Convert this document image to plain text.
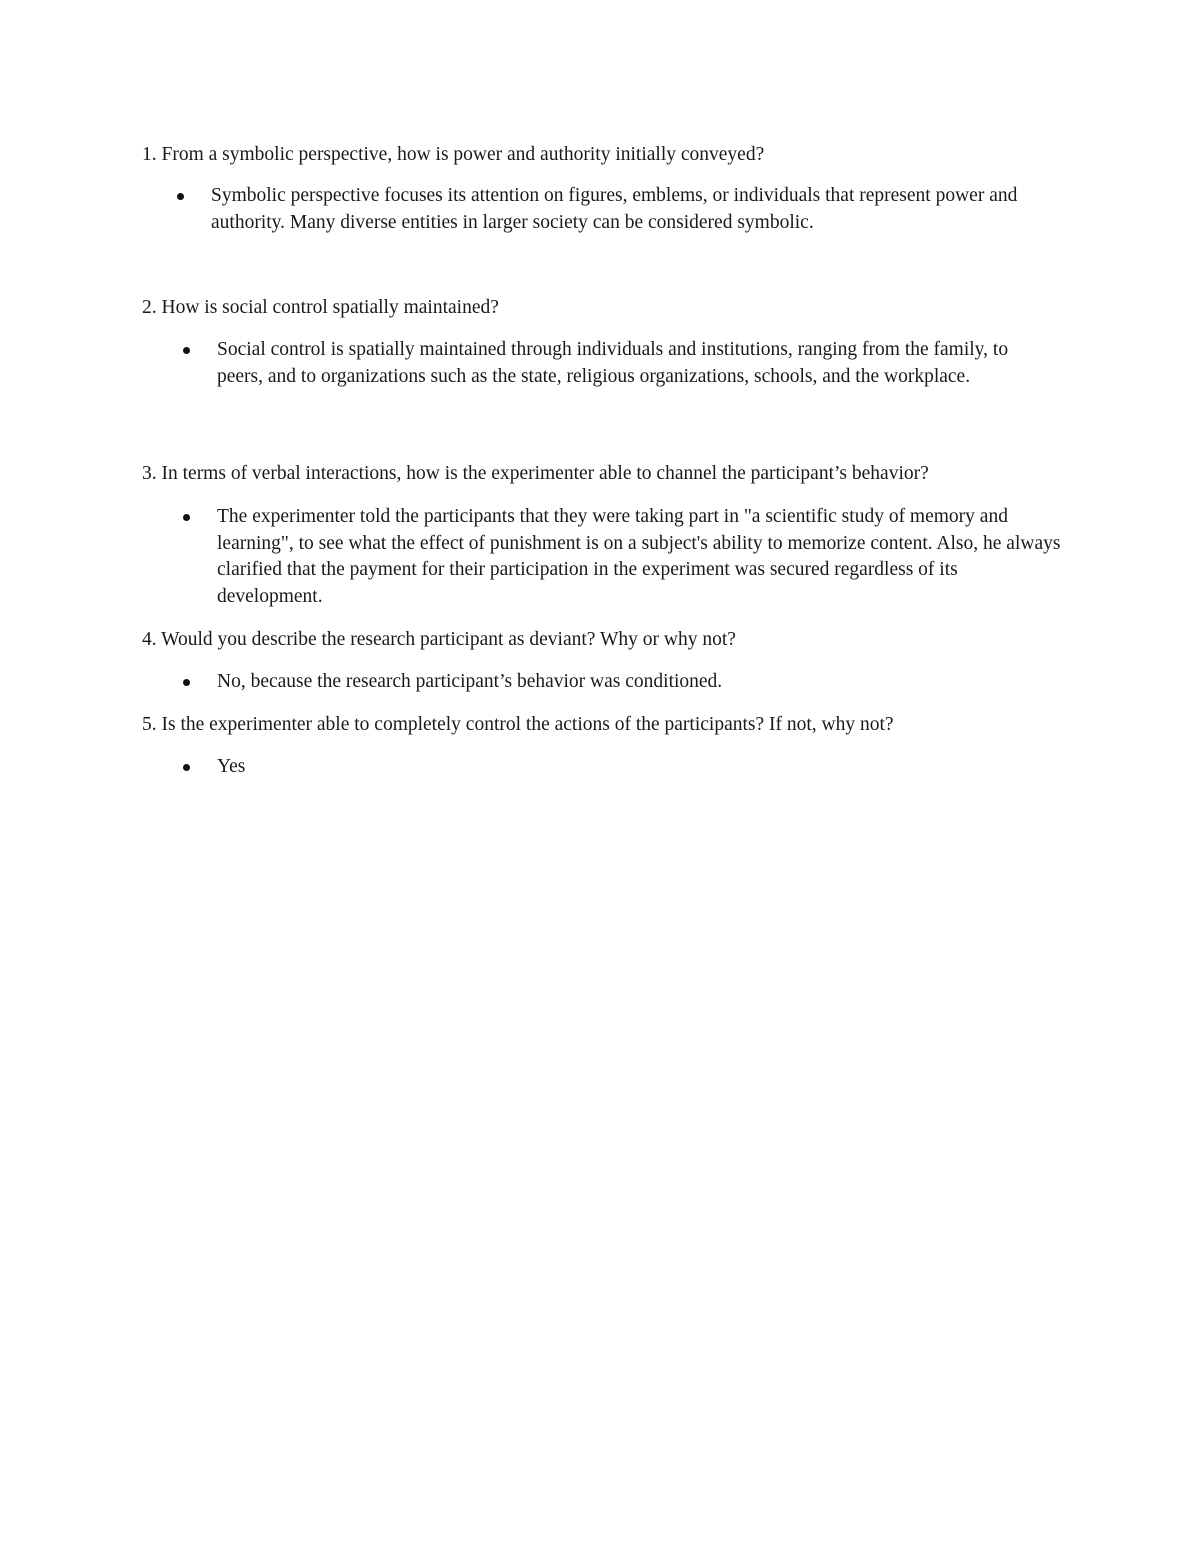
1. From a symbolic perspective, how is power and authority initially conveyed?
Symbolic perspective focuses its attention on figures, emblems, or individuals that represent power and authority. Many diverse entities in larger society can be considered symbolic.
2. How is social control spatially maintained?
Social control is spatially maintained through individuals and institutions, ranging from the family, to peers, and to organizations such as the state, religious organizations, schools, and the workplace.
3. In terms of verbal interactions, how is the experimenter able to channel the participant’s behavior?
The experimenter told the participants that they were taking part in "a scientific study of memory and learning", to see what the effect of punishment is on a subject's ability to memorize content. Also, he always clarified that the payment for their participation in the experiment was secured regardless of its development.
4. Would you describe the research participant as deviant? Why or why not?
No, because the research participant’s behavior was conditioned.
5. Is the experimenter able to completely control the actions of the participants? If not, why not?
Yes
